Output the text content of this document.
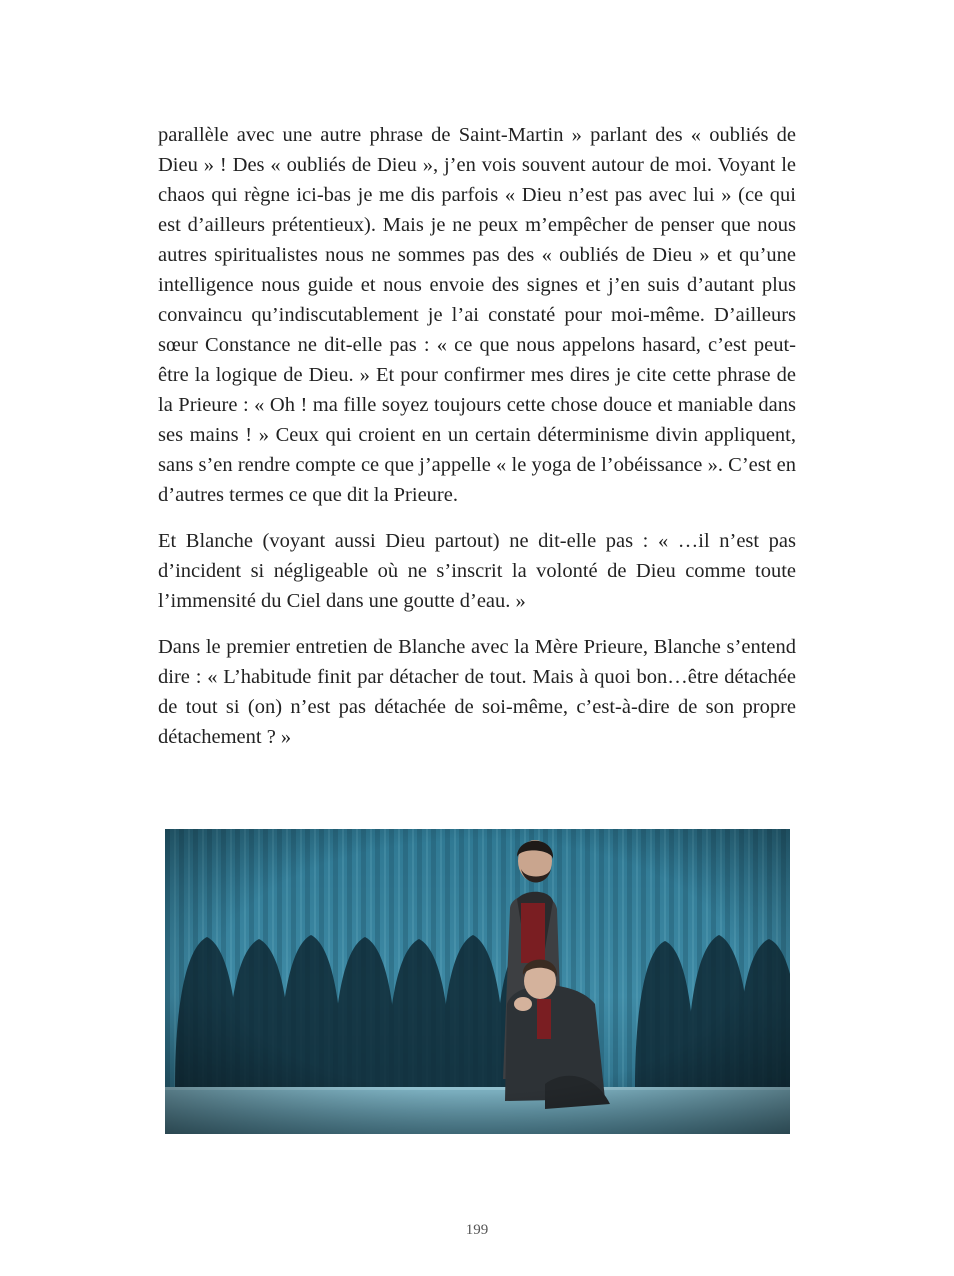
parallèle avec une autre phrase de Saint-Martin » parlant des « oubliés de Dieu » ! Des « oubliés de Dieu », j’en vois souvent autour de moi. Voyant le chaos qui règne ici-bas je me dis parfois « Dieu n’est pas avec lui » (ce qui est d’ailleurs prétentieux). Mais je ne peux m’empêcher de penser que nous autres spiritualistes nous ne sommes pas des « oubliés de Dieu » et qu’une intelligence nous guide et nous envoie des signes et j’en suis d’autant plus convaincu qu’indiscutablement je l’ai constaté pour moi-même. D’ailleurs sœur Constance ne dit-elle pas : « ce que nous appelons hasard, c’est peut-être la logique de Dieu. » Et pour confirmer mes dires je cite cette phrase de la Prieure : « Oh ! ma fille soyez toujours cette chose douce et maniable dans ses mains ! » Ceux qui croient en un certain déterminisme divin appliquent, sans s’en rendre compte ce que j’appelle « le yoga de l’obéissance ». C’est en d’autres termes ce que dit la Prieure.

Et Blanche (voyant aussi Dieu partout) ne dit-elle pas : « …il n’est pas d’incident si négligeable où ne s’inscrit la volonté de Dieu comme toute l’immensité du Ciel dans une goutte d’eau. »

Dans le premier entretien de Blanche avec la Mère Prieure, Blanche s’entend dire : « L’habitude finit par détacher de tout. Mais à quoi bon…être détachée de tout si (on) n’est pas détachée de soi-même, c’est-à-dire de son propre détachement ? »

199
